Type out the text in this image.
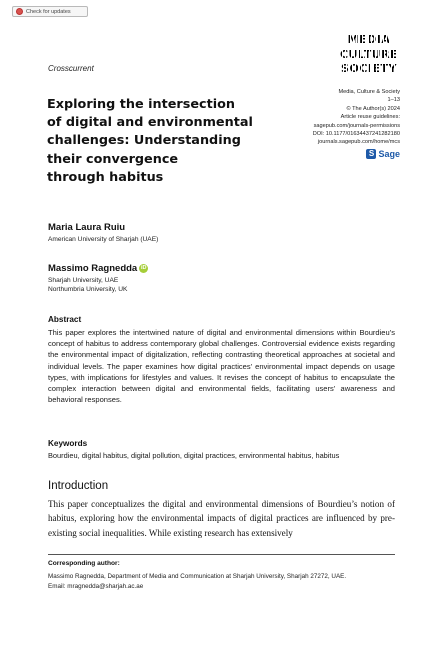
Check for updates
Crosscurrent
MEDIA
CULTURE
SOCIETY
Media, Culture & Society
1–13
© The Author(s) 2024
Article reuse guidelines:
sagepub.com/journals-permissions
DOI: 10.1177/01634437241282180
journals.sagepub.com/home/mcs
S Sage
Exploring the intersection
of digital and environmental
challenges: Understanding
their convergence
through habitus
Maria Laura Ruiu
American University of Sharjah (UAE)
Massimo Ragnedda iD
Sharjah University, UAE
Northumbria University, UK
Abstract

This paper explores the intertwined nature of digital and environmental dimensions within Bourdieu’s concept of habitus to address contemporary global challenges. Controversial evidence exists regarding the environmental impact of digitalization, reflecting contrasting theoretical approaches at societal and individual levels. The paper examines how digital practices’ environmental impact depends on usage types, with implications for lifestyles and values. It revises the concept of habitus to encapsulate the complex interaction between digital and environmental fields, facilitating users’ awareness and behavioral responses.

Keywords
Bourdieu, digital habitus, digital pollution, digital practices, environmental habitus, habitus
Introduction

This paper conceptualizes the digital and environmental dimensions of Bourdieu’s notion of habitus, exploring how the environmental impacts of digital practices are influenced by pre-existing social inequalities. While existing research has extensively

Corresponding author:
Massimo Ragnedda, Department of Media and Communication at Sharjah University, Sharjah 27272, UAE.
Email: mragnedda@sharjah.ac.ae
